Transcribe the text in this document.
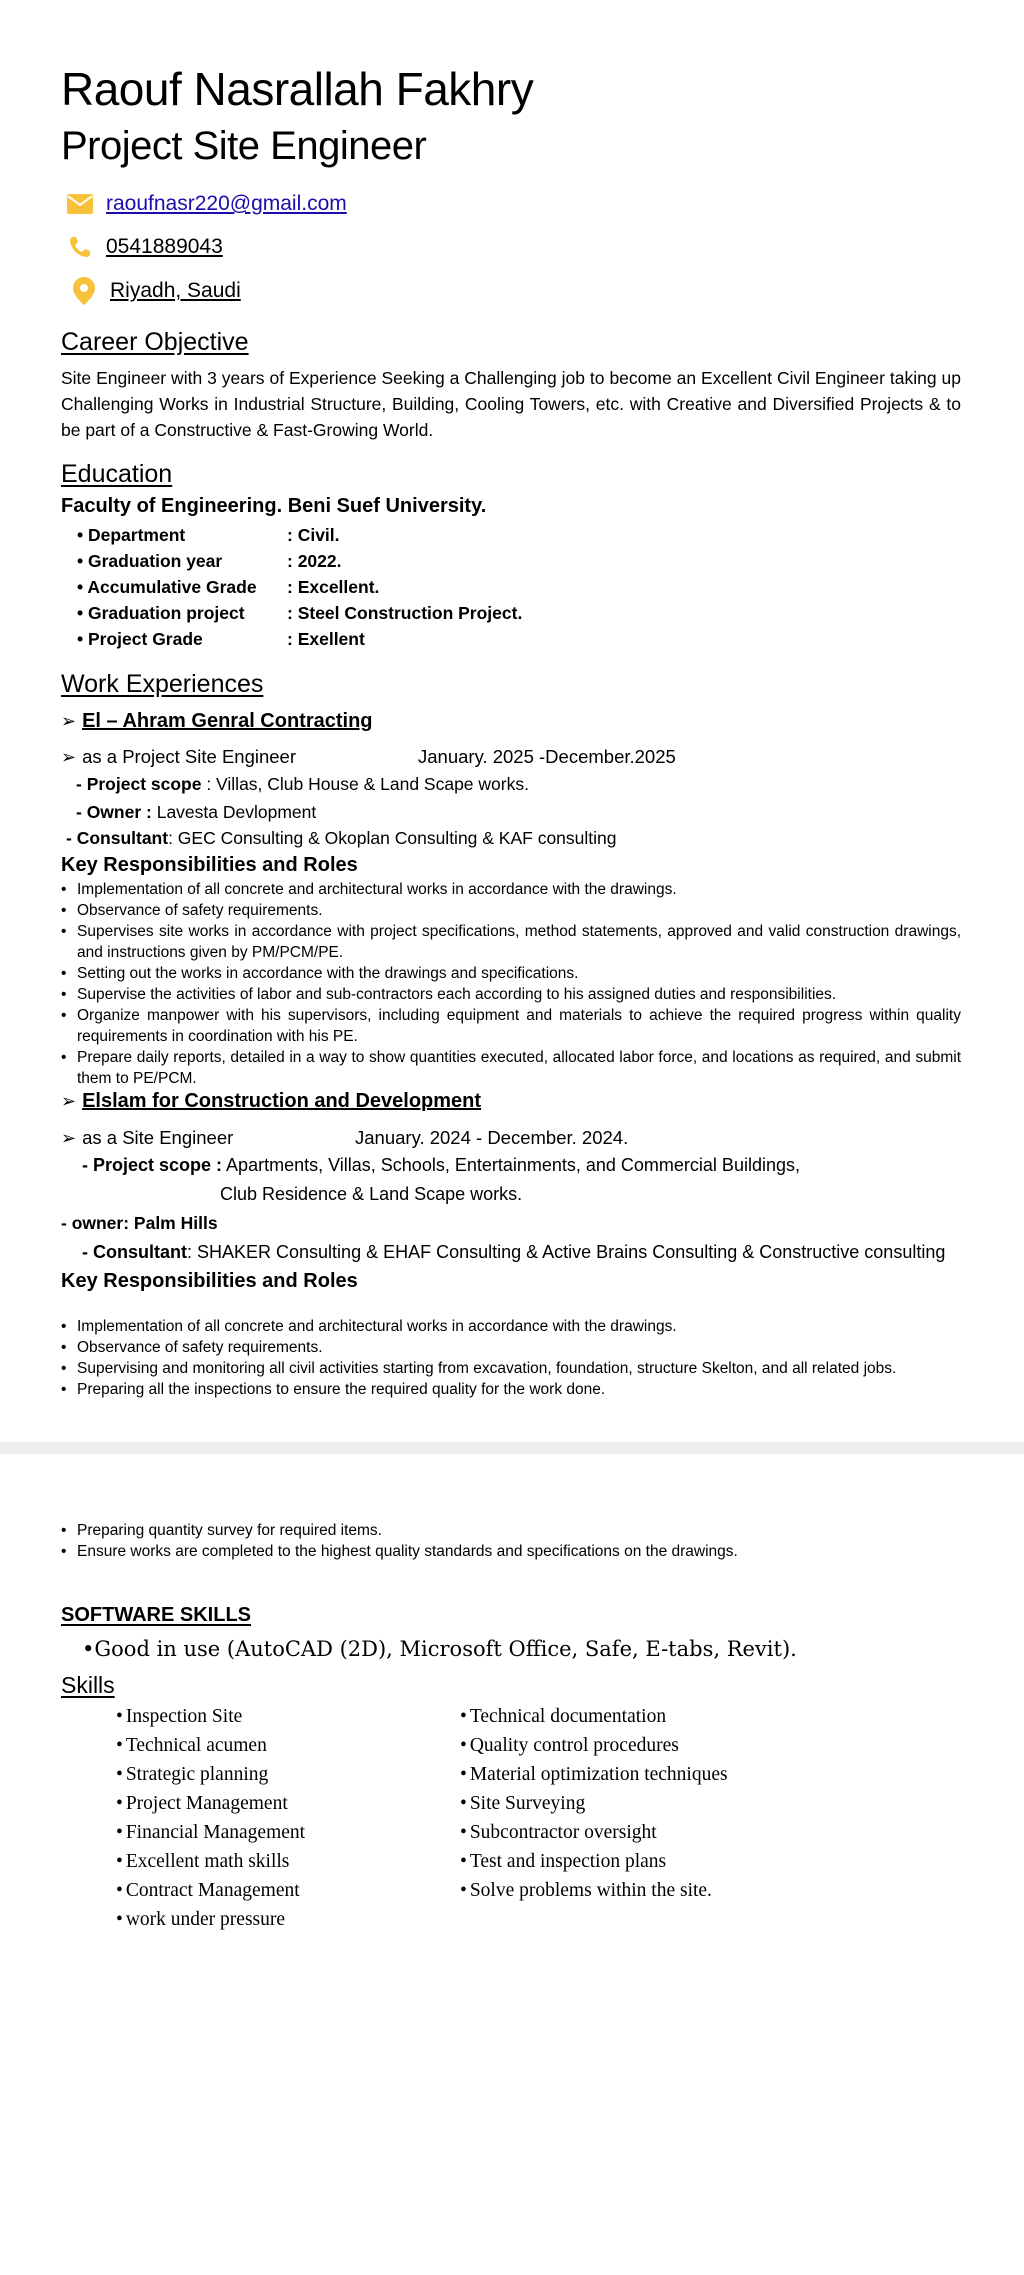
Raouf Nasrallah Fakhry
Project Site Engineer
raoufnasr220@gmail.com
0541889043
Riyadh, Saudi
Career Objective
Site Engineer with 3 years of Experience Seeking a Challenging job to become an Excellent Civil Engineer taking up Challenging Works in Industrial Structure, Building, Cooling Towers, etc. with Creative and Diversified Projects & to be part of a Constructive & Fast-Growing World.
Education
Faculty of Engineering. Beni Suef University.
• Department	: Civil.
• Graduation year	: 2022.
• Accumulative Grade	: Excellent.
• Graduation project	: Steel Construction Project.
• Project Grade	: Exellent
Work Experiences
➢ El – Ahram Genral Contracting
➢ as a Project Site Engineer	January. 2025 -December.2025
- Project scope : Villas, Club House & Land Scape works.
- Owner : Lavesta Devlopment
- Consultant: GEC Consulting & Okoplan Consulting & KAF consulting
Key Responsibilities and Roles
• Implementation of all concrete and architectural works in accordance with the drawings.
• Observance of safety requirements.
• Supervises site works in accordance with project specifications, method statements, approved and valid construction drawings, and instructions given by PM/PCM/PE.
• Setting out the works in accordance with the drawings and specifications.
• Supervise the activities of labor and sub-contractors each according to his assigned duties and responsibilities.
• Organize manpower with his supervisors, including equipment and materials to achieve the required progress within quality requirements in coordination with his PE.
• Prepare daily reports, detailed in a way to show quantities executed, allocated labor force, and locations as required, and submit them to PE/PCM.
➢ Elslam for Construction and Development
➢ as a Site Engineer	January. 2024 - December. 2024.
- Project scope : Apartments, Villas, Schools, Entertainments, and Commercial Buildings,
Club Residence & Land Scape works.
- owner: Palm Hills
- Consultant: SHAKER Consulting & EHAF Consulting & Active Brains Consulting & Constructive consulting
Key Responsibilities and Roles
• Implementation of all concrete and architectural works in accordance with the drawings.
• Observance of safety requirements.
• Supervising and monitoring all civil activities starting from excavation, foundation, structure Skelton, and all related jobs.
• Preparing all the inspections to ensure the required quality for the work done.
• Preparing quantity survey for required items.
• Ensure works are completed to the highest quality standards and specifications on the drawings.
SOFTWARE SKILLS
•Good in use (AutoCAD (2D), Microsoft Office, Safe, E-tabs, Revit).
Skills
• Inspection Site
• Technical acumen
• Strategic planning
• Project Management
• Financial Management
• Excellent math skills
• Contract Management
• work under pressure
• Technical documentation
• Quality control procedures
• Material optimization techniques
• Site Surveying
• Subcontractor oversight
• Test and inspection plans
• Solve problems within the site.
